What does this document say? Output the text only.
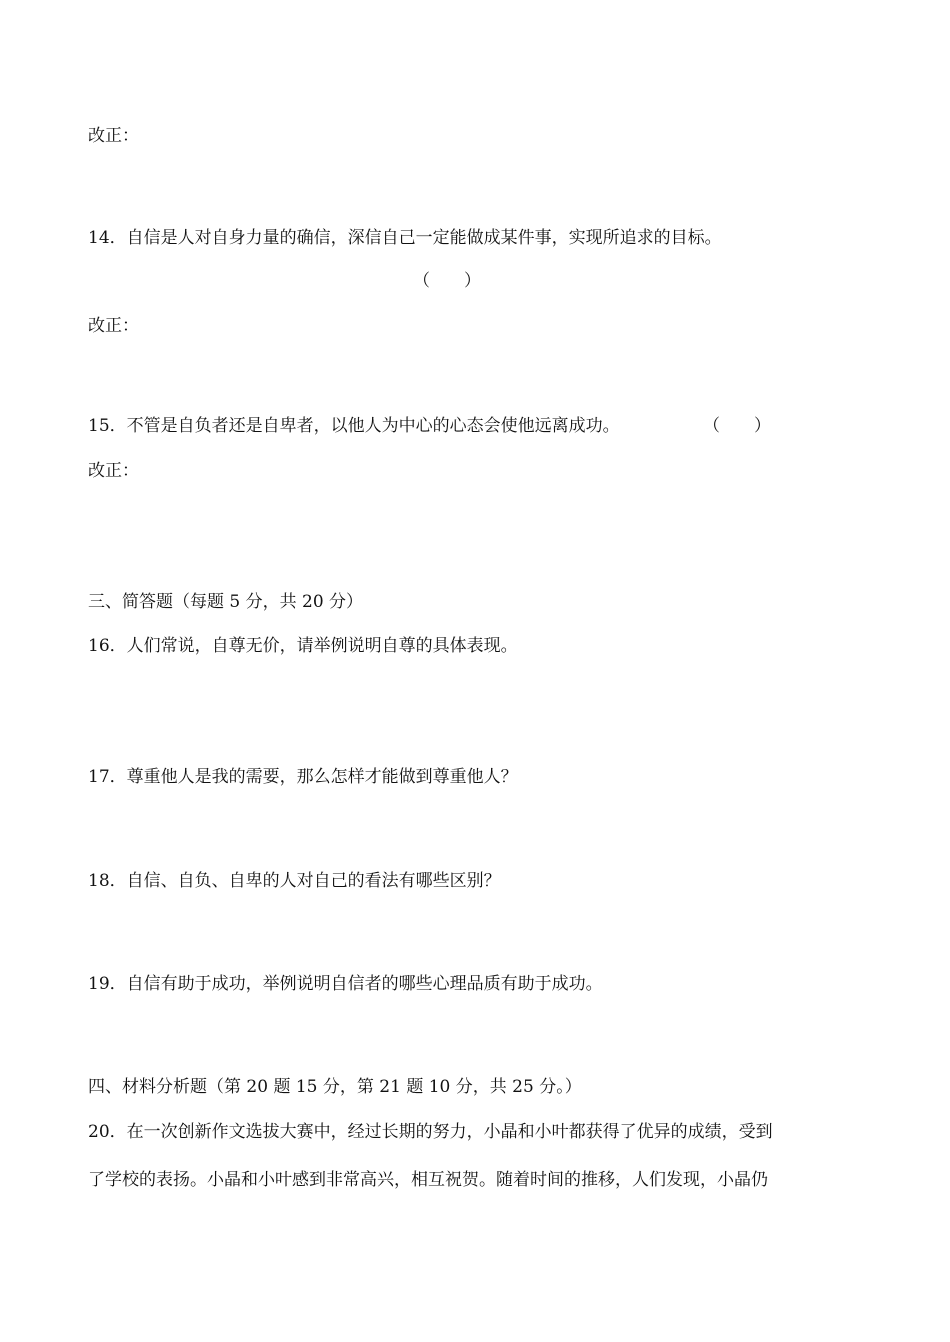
改正：
14．自信是人对自身力量的确信，深信自己一定能做成某件事，实现所追求的目标。
（　　）
改正：
15．不管是自负者还是自卑者，以他人为中心的心态会使他远离成功。	（　　）
改正：
三、简答题（每题 5 分，共 20 分）
16．人们常说，自尊无价，请举例说明自尊的具体表现。
17．尊重他人是我的需要，那么怎样才能做到尊重他人？
18．自信、自负、自卑的人对自己的看法有哪些区别？
19．自信有助于成功，举例说明自信者的哪些心理品质有助于成功。
四、材料分析题（第 20 题 15 分，第 21 题 10 分，共 25 分。）
20．在一次创新作文选拔大赛中，经过长期的努力，小晶和小叶都获得了优异的成绩，受到
了学校的表扬。小晶和小叶感到非常高兴，相互祝贺。随着时间的推移，人们发现，小晶仍
